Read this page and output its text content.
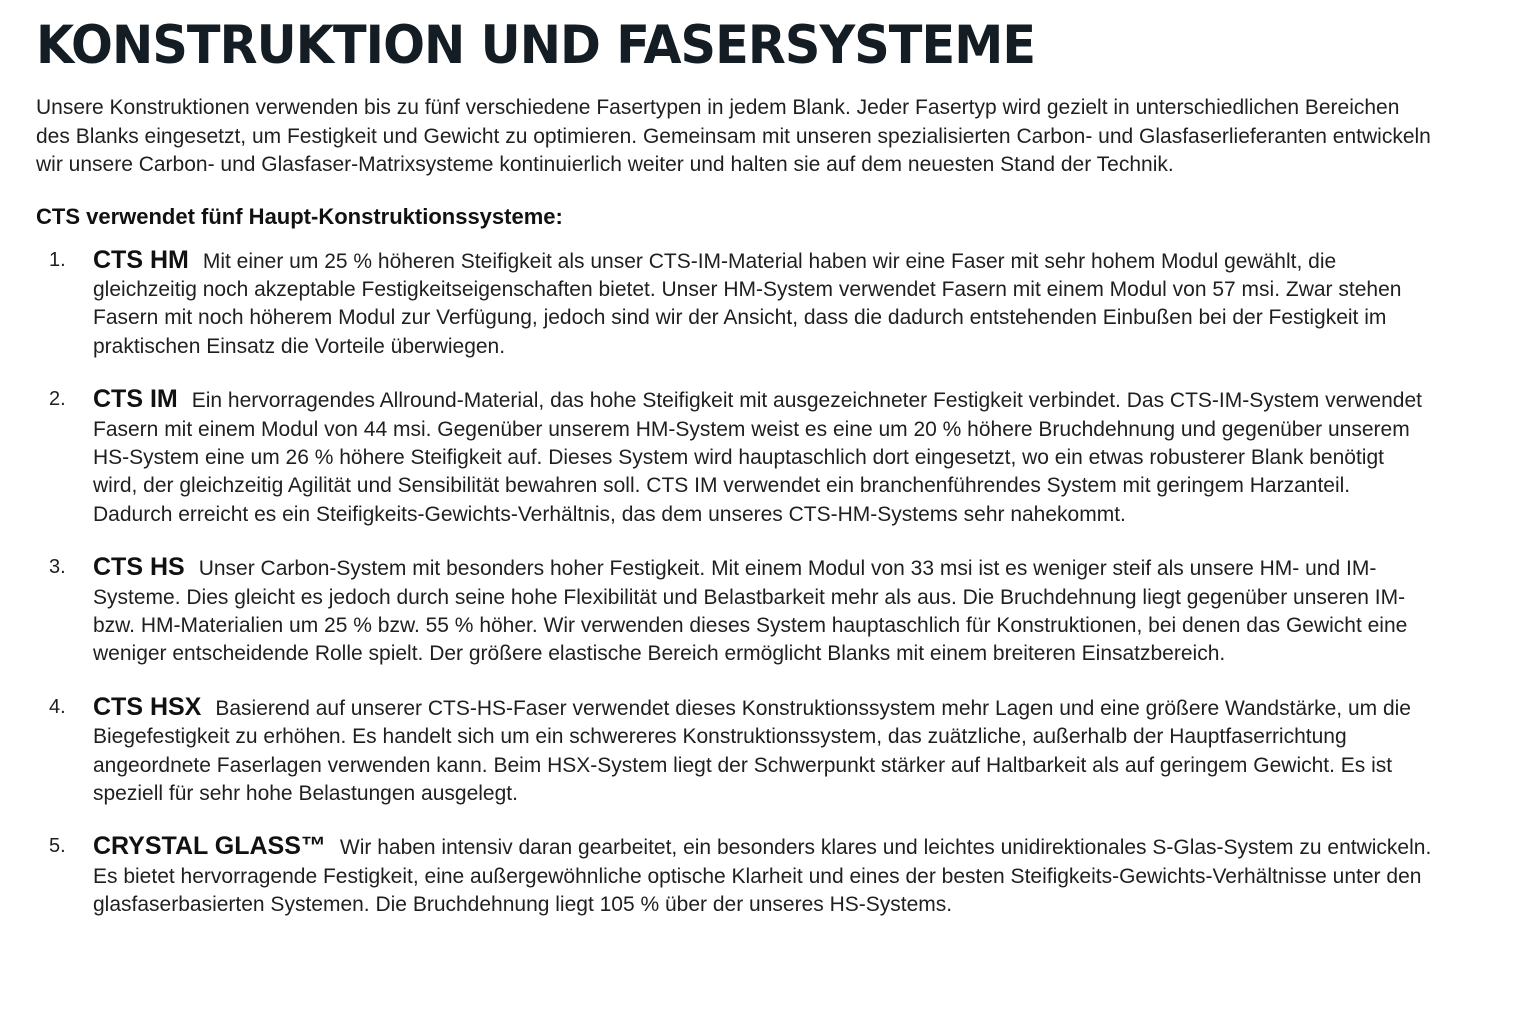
KONSTRUKTION UND FASERSYSTEME

Unsere Konstruktionen verwenden bis zu fünf verschiedene Fasertypen in jedem Blank. Jeder Fasertyp wird gezielt in unterschiedlichen Bereichen des Blanks eingesetzt, um Festigkeit und Gewicht zu optimieren. Gemeinsam mit unseren spezialisierten Carbon- und Glasfaserlieferanten entwickeln wir unsere Carbon- und Glasfaser-Matrixsysteme kontinuierlich weiter und halten sie auf dem neuesten Stand der Technik.

CTS verwendet fünf Haupt-Konstruktionssysteme:
1. CTS HM Mit einer um 25 % höheren Steifigkeit als unser CTS-IM-Material haben wir eine Faser mit sehr hohem Modul gewählt, die gleichzeitig noch akzeptable Festigkeitseigenschaften bietet. Unser HM-System verwendet Fasern mit einem Modul von 57 msi. Zwar stehen Fasern mit noch höherem Modul zur Verfügung, jedoch sind wir der Ansicht, dass die dadurch entstehenden Einbußen bei der Festigkeit im praktischen Einsatz die Vorteile überwiegen.
2. CTS IM Ein hervorragendes Allround-Material, das hohe Steifigkeit mit ausgezeichneter Festigkeit verbindet. Das CTS-IM-System verwendet Fasern mit einem Modul von 44 msi. Gegenüber unserem HM-System weist es eine um 20 % höhere Bruchdehnung und gegenüber unserem HS-System eine um 26 % höhere Steifigkeit auf. Dieses System wird hauptaschlich dort eingesetzt, wo ein etwas robusterer Blank benötigt wird, der gleichzeitig Agilität und Sensibilität bewahren soll. CTS IM verwendet ein branchenführendes System mit geringem Harzanteil. Dadurch erreicht es ein Steifigkeits-Gewichts-Verhältnis, das dem unseres CTS-HM-Systems sehr nahekommt.
3. CTS HS Unser Carbon-System mit besonders hoher Festigkeit. Mit einem Modul von 33 msi ist es weniger steif als unsere HM- und IM-Systeme. Dies gleicht es jedoch durch seine hohe Flexibilität und Belastbarkeit mehr als aus. Die Bruchdehnung liegt gegenüber unseren IM- bzw. HM-Materialien um 25 % bzw. 55 % höher. Wir verwenden dieses System hauptaschlich für Konstruktionen, bei denen das Gewicht eine weniger entscheidende Rolle spielt. Der größere elastische Bereich ermöglicht Blanks mit einem breiteren Einsatzbereich.
4. CTS HSX Basierend auf unserer CTS-HS-Faser verwendet dieses Konstruktionssystem mehr Lagen und eine größere Wandstärke, um die Biegefestigkeit zu erhöhen. Es handelt sich um ein schwereres Konstruktionssystem, das zuätzliche, außerhalb der Hauptfaserrichtung angeordnete Faserlagen verwenden kann. Beim HSX-System liegt der Schwerpunkt stärker auf Haltbarkeit als auf geringem Gewicht. Es ist speziell für sehr hohe Belastungen ausgelegt.
5. CRYSTAL GLASS™ Wir haben intensiv daran gearbeitet, ein besonders klares und leichtes unidirektionales S-Glas-System zu entwickeln. Es bietet hervorragende Festigkeit, eine außergewöhnliche optische Klarheit und eines der besten Steifigkeits-Gewichts-Verhältnisse unter den glasfaserbasierten Systemen. Die Bruchdehnung liegt 105 % über der unseres HS-Systems.
